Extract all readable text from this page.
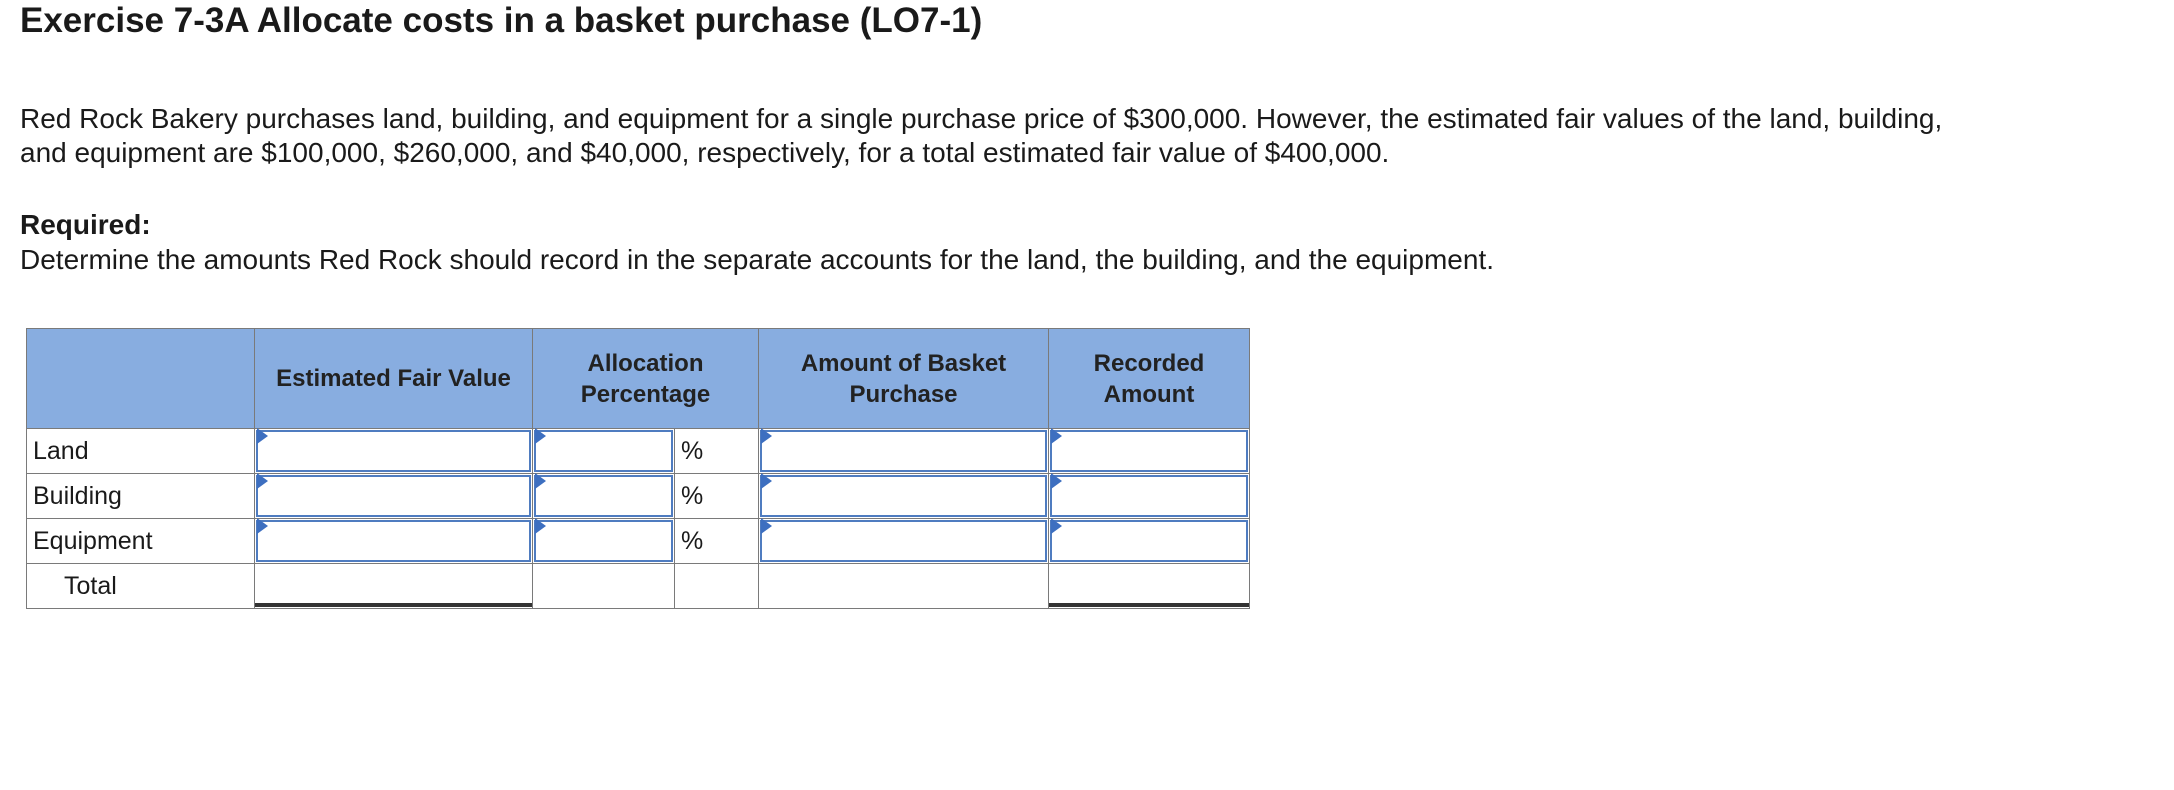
Exercise 7-3A Allocate costs in a basket purchase (LO7-1)
Red Rock Bakery purchases land, building, and equipment for a single purchase price of $300,000. However, the estimated fair values of the land, building, and equipment are $100,000, $260,000, and $40,000, respectively, for a total estimated fair value of $400,000.
Required:
Determine the amounts Red Rock should record in the separate accounts for the land, the building, and the equipment.
	Estimated Fair Value	Allocation Percentage		Amount of Basket Purchase	Recorded Amount
Land			%	

Building			%	

Equipment			%	

Total	
